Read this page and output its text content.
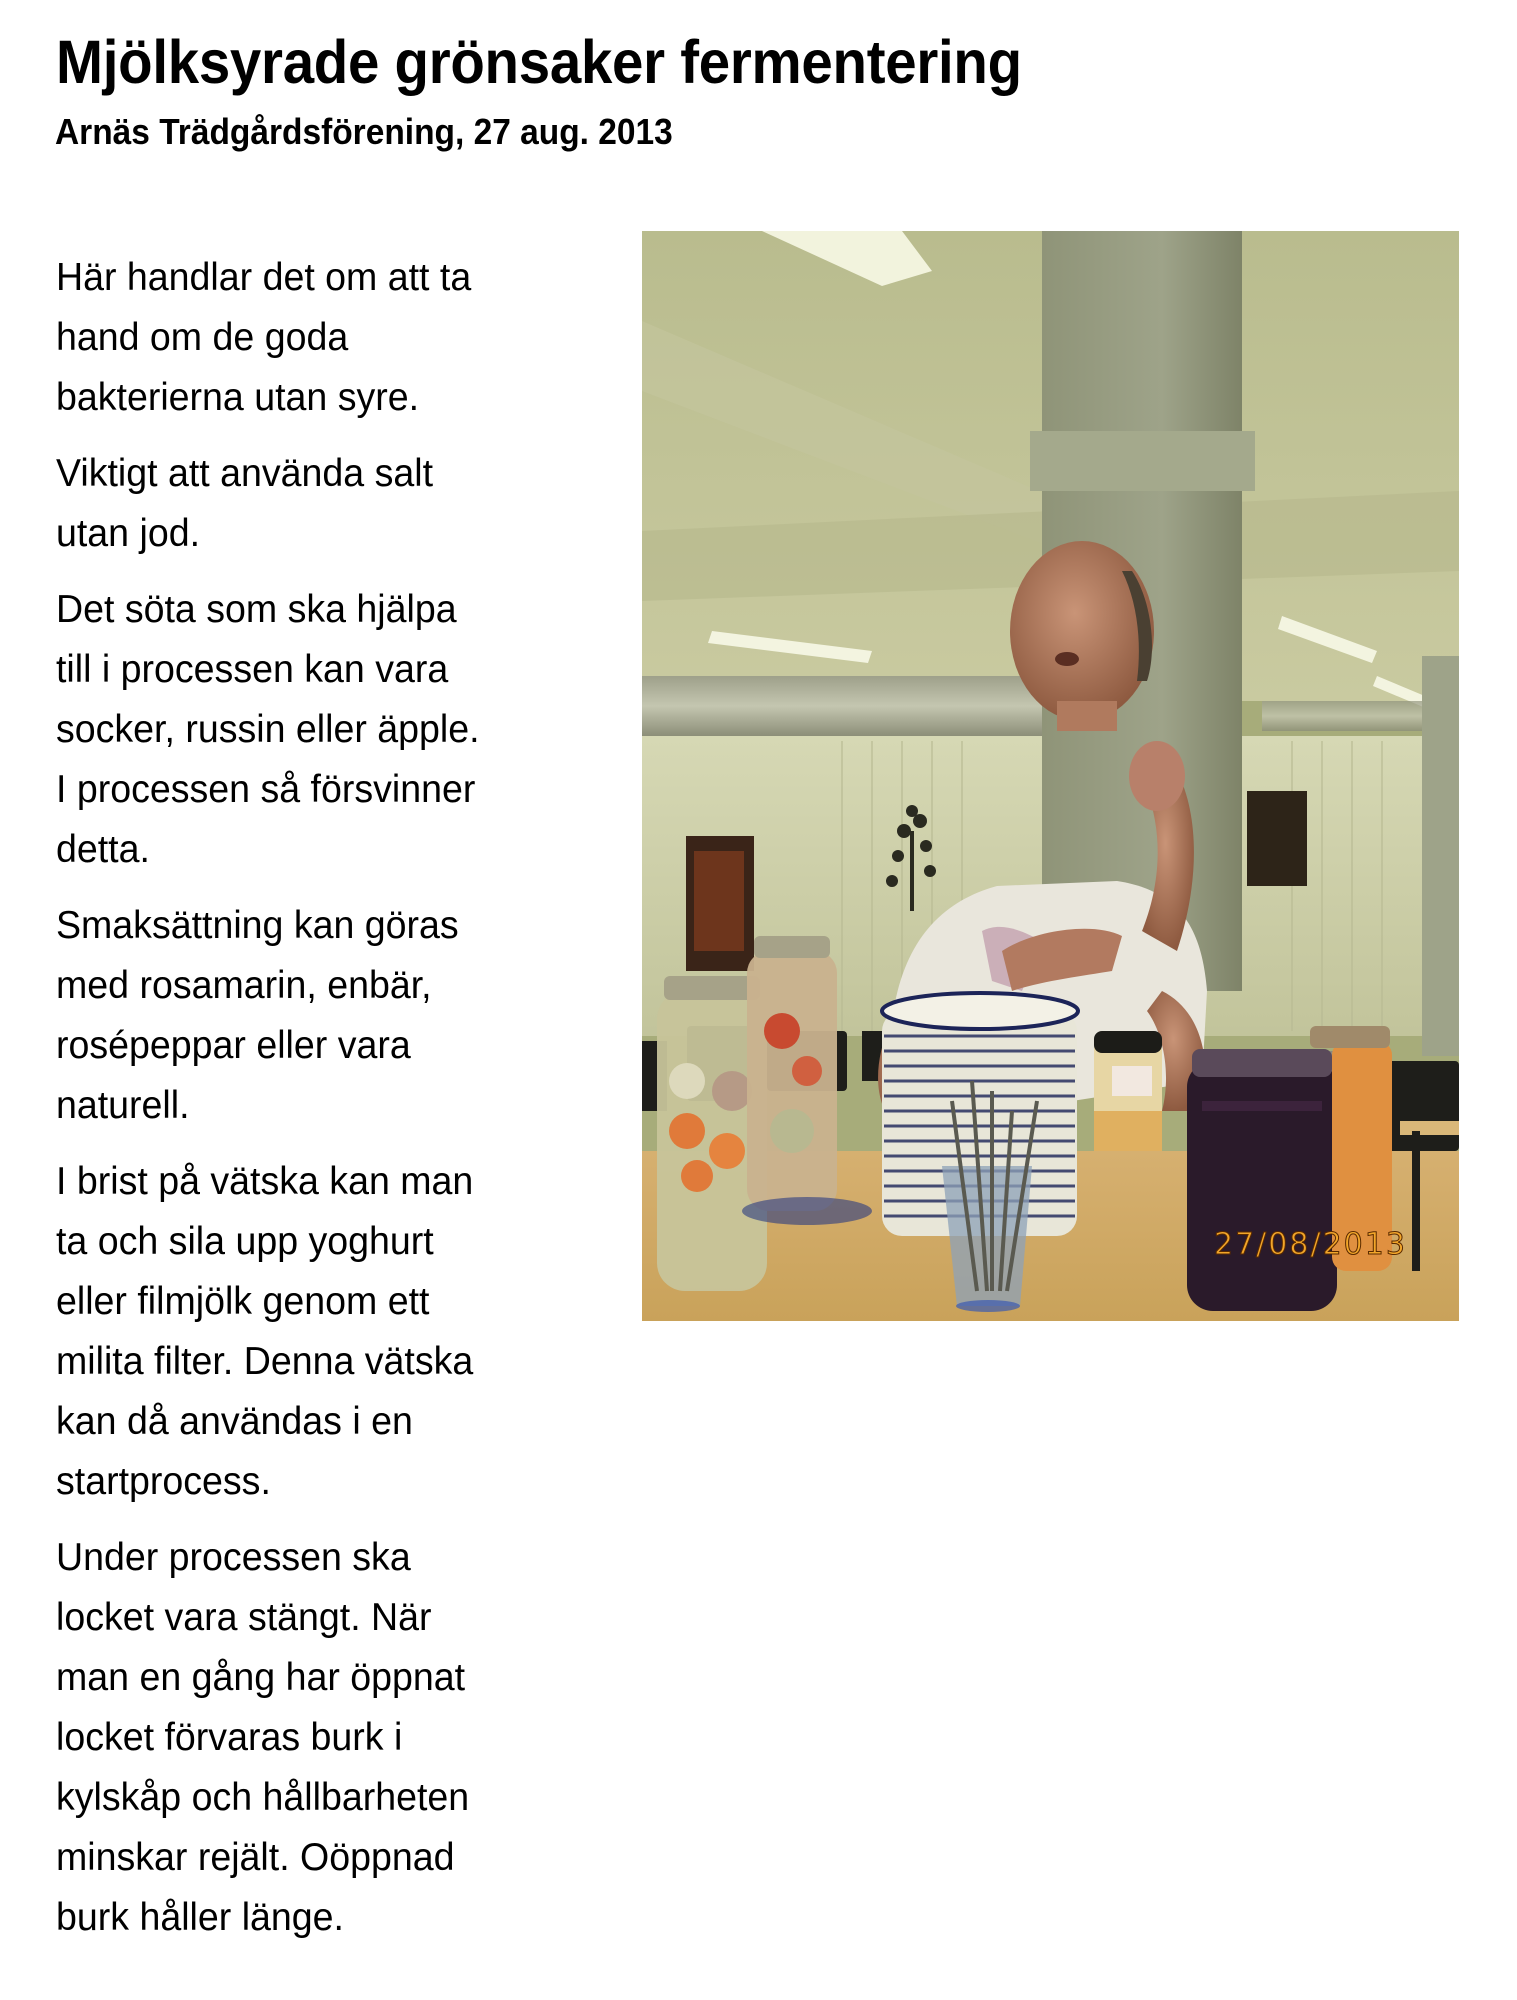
Mjölksyrade grönsaker fermentering
Arnäs Trädgårdsförening, 27 aug. 2013

Här handlar det om att ta
hand om de goda
bakterierna utan syre.

Viktigt att använda salt
utan jod.

Det söta som ska hjälpa
till i processen kan vara
socker, russin eller äpple.
I processen så försvinner
detta.

Smaksättning kan göras
med rosamarin, enbär,
rosépeppar eller vara
naturell.

I brist på vätska kan man
ta och sila upp yoghurt
eller filmjölk genom ett
milita filter. Denna vätska
kan då användas i en
startprocess.

Under processen ska
locket vara stängt. När
man en gång har öppnat
locket förvaras burk i
kylskåp och hållbarheten
minskar rejält. Oöppnad
burk håller länge.

27/08/2013
